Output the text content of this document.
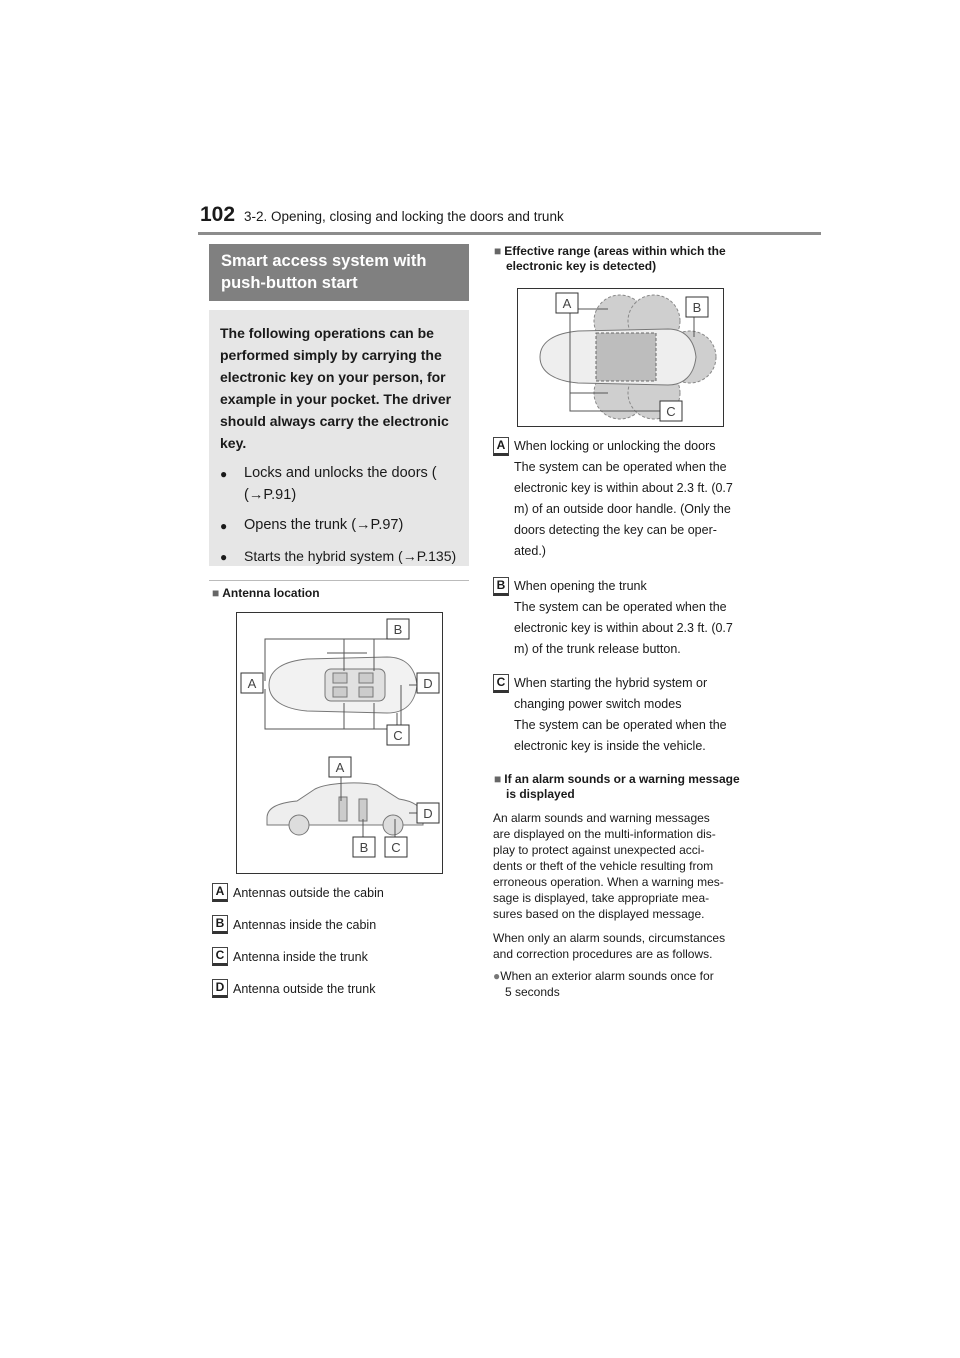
102 3-2. Opening, closing and locking the doors and trunk
Smart access system with
push-button start

The following operations can be performed simply by carrying the electronic key on your person, for example in your pocket. The driver should always carry the electronic key.

●	Locks and unlocks the doors (
(→P.91)
●	Opens the trunk (→P.97)
●	Starts the hybrid system (→P.135)
■ Antenna location
A
B
D
C
A
D
B C
A Antennas outside the cabin
B Antennas inside the cabin
C Antenna inside the trunk
D Antenna outside the trunk
■ Effective range (areas within which the
electronic key is detected)
A	B
C
A When locking or unlocking the doors
The system can be operated when the
electronic key is within about 2.3 ft. (0.7
m) of an outside door handle. (Only the
doors detecting the key can be oper-
ated.)
B When opening the trunk
The system can be operated when the
electronic key is within about 2.3 ft. (0.7
m) of the trunk release button.
C When starting the hybrid system or
changing power switch modes
The system can be operated when the
electronic key is inside the vehicle.
■ If an alarm sounds or a warning message
is displayed
An alarm sounds and warning messages
are displayed on the multi-information dis-
play to protect against unexpected acci-
dents or theft of the vehicle resulting from
erroneous operation. When a warning mes-
sage is displayed, take appropriate mea-
sures based on the displayed message.
When only an alarm sounds, circumstances
and correction procedures are as follows.
●When an exterior alarm sounds once for
5 seconds
